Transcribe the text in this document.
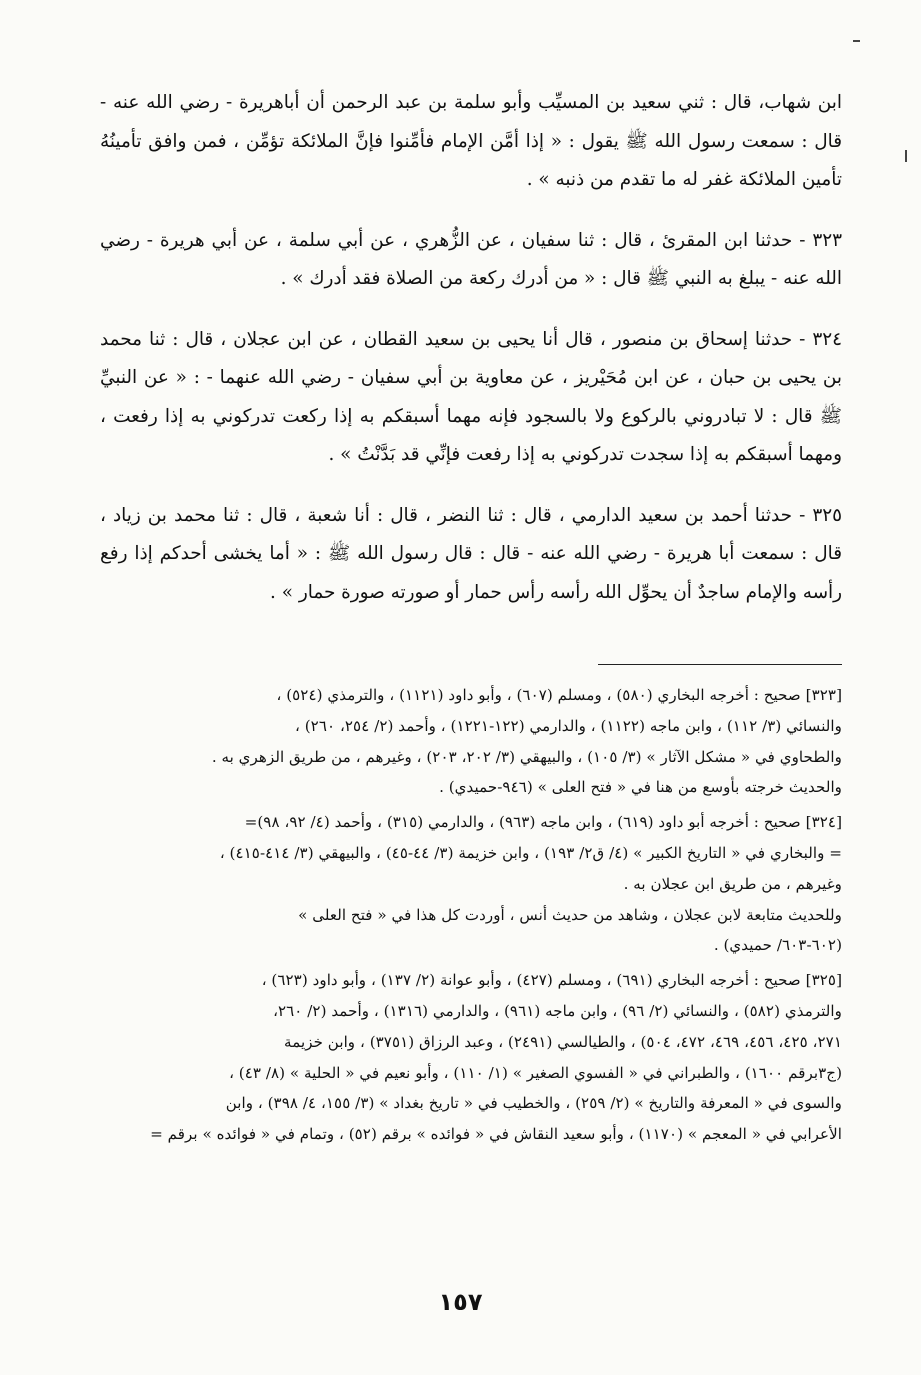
ابن شهاب، قال : ثني سعيد بن المسيِّب وأبو سلمة بن عبد الرحمن أن أباهريرة - رضي الله عنه - قال : سمعت رسول الله ﷺ يقول : « إذا أمَّن الإمام فأمِّنوا فإنَّ الملائكة تؤمِّن ، فمن وافق تأمينُهُ تأمين الملائكة غفر له ما تقدم من ذنبه » .

٣٢٣ - حدثنا ابن المقرئ ، قال : ثنا سفيان ، عن الزُّهري ، عن أبي سلمة ، عن أبي هريرة - رضي الله عنه - يبلغ به النبي ﷺ قال : « من أدرك ركعة من الصلاة فقد أدرك » .

٣٢٤ - حدثنا إسحاق بن منصور ، قال أنا يحيى بن سعيد القطان ، عن ابن عجلان ، قال : ثنا محمد بن يحيى بن حبان ، عن ابن مُحَيْريز ، عن معاوية بن أبي سفيان - رضي الله عنهما - : « عن النبيِّ ﷺ قال : لا تبادروني بالركوع ولا بالسجود فإنه مهما أسبقكم به إذا ركعت تدركوني به إذا رفعت ، ومهما أسبقكم به إذا سجدت تدركوني به إذا رفعت فإنِّي قد بَدَّنْتُ » .

٣٢٥ - حدثنا أحمد بن سعيد الدارمي ، قال : ثنا النضر ، قال : أنا شعبة ، قال : ثنا محمد بن زياد ، قال : سمعت أبا هريرة - رضي الله عنه - قال : قال رسول الله ﷺ : « أما يخشى أحدكم إذا رفع رأسه والإمام ساجدٌ أن يحوِّل الله رأسه رأس حمار أو صورته صورة حمار » .

[٣٢٣] صحيح : أخرجه البخاري (٥٨٠) ، ومسلم (٦٠٧) ، وأبو داود (١١٢١) ، والترمذي (٥٢٤) ،
والنسائي (٣/ ١١٢) ، وابن ماجه (١١٢٢) ، والدارمي (١٢٢-١٢٢١) ، وأحمد (٢/ ٢٥٤، ٢٦٠) ،
والطحاوي في « مشكل الآثار » (٣/ ١٠٥) ، والبيهقي (٣/ ٢٠٢، ٢٠٣) ، وغيرهم ، من طريق الزهري به .
والحديث خرجته بأوسع من هنا في « فتح العلى » (٩٤٦-حميدي) .

[٣٢٤] صحيح : أخرجه أبو داود (٦١٩) ، وابن ماجه (٩٦٣) ، والدارمي (٣١٥) ، وأحمد (٤/ ٩٢، ٩٨)=
= والبخاري في « التاريخ الكبير » (٤/ ق٢/ ١٩٣) ، وابن خزيمة (٣/ ٤٤-٤٥) ، والبيهقي (٣/ ٤١٤-٤١٥) ،
وغيرهم ، من طريق ابن عجلان به .
وللحديث متابعة لابن عجلان ، وشاهد من حديث أنس ، أوردت كل هذا في « فتح العلى »
(٦٠٢-٦٠٣/ حميدي) .

[٣٢٥] صحيح : أخرجه البخاري (٦٩١) ، ومسلم (٤٢٧) ، وأبو عوانة (٢/ ١٣٧) ، وأبو داود (٦٢٣) ،
والترمذي (٥٨٢) ، والنسائي (٢/ ٩٦) ، وابن ماجه (٩٦١) ، والدارمي (١٣١٦) ، وأحمد (٢/ ٢٦٠،
٢٧١، ٤٢٥، ٤٥٦، ٤٦٩، ٤٧٢، ٥٠٤) ، والطيالسي (٢٤٩١) ، وعبد الرزاق (٣٧٥١) ، وابن خزيمة
(ج٣برقم ١٦٠٠) ، والطبراني في « الفسوي الصغير » (١/ ١١٠) ، وأبو نعيم في « الحلية » (٨/ ٤٣) ،
والسوى في « المعرفة والتاريخ » (٢/ ٢٥٩) ، والخطيب في « تاريخ بغداد » (٣/ ١٥٥، ٤/ ٣٩٨) ، وابن
الأعرابي في « المعجم » (١١٧٠) ، وأبو سعيد النقاش في « فوائده » برقم (٥٢) ، وتمام في « فوائده » برقم =

١٥٧
